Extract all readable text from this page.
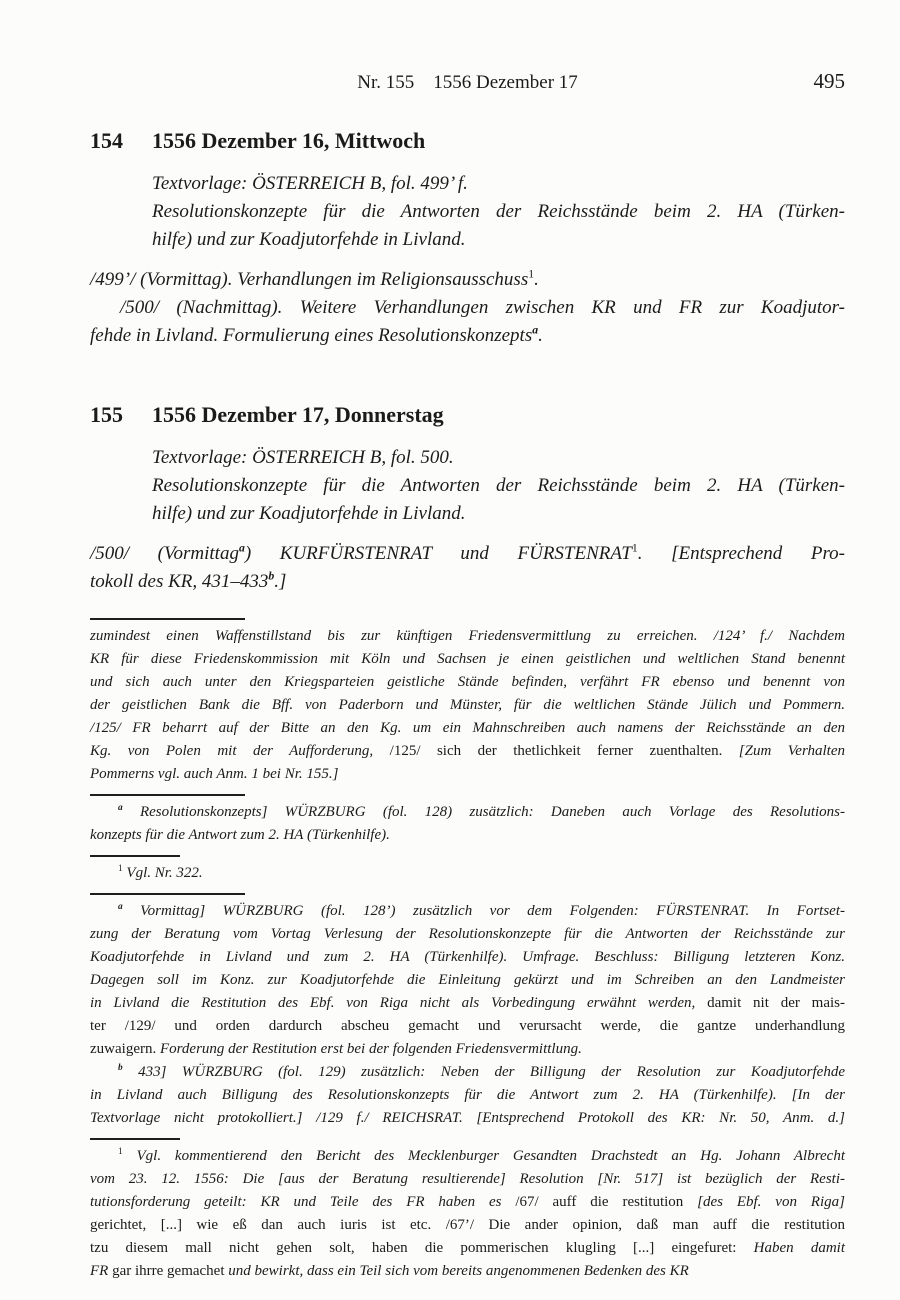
Nr. 155    1556 Dezember 17	495
154	1556 Dezember 16, Mittwoch
Textvorlage: ÖSTERREICH B, fol. 499’ f.
Resolutionskonzepte für die Antworten der Reichsstände beim 2. HA (Türken-
hilfe) und zur Koadjutorfehde in Livland.
/499’/ (Vormittag). Verhandlungen im Religionsausschuss$^1$.
/500/ (Nachmittag). Weitere Verhandlungen zwischen KR und FR zur Koadjutor-
fehde in Livland. Formulierung eines Resolutionskonzepts$^a$.
155	1556 Dezember 17, Donnerstag
Textvorlage: ÖSTERREICH B, fol. 500.
Resolutionskonzepte für die Antworten der Reichsstände beim 2. HA (Türken-
hilfe) und zur Koadjutorfehde in Livland.
/500/ (Vormittag$^a$) KURFÜRSTENRAT und FÜRSTENRAT$^1$. [Entsprechend Pro-
tokoll des KR, 431–433$^b$.]
zumindest einen Waffenstillstand bis zur künftigen Friedensvermittlung zu erreichen. /124’ f./ Nachdem
KR für diese Friedenskommission mit Köln und Sachsen je einen geistlichen und weltlichen Stand benennt
und sich auch unter den Kriegsparteien geistliche Stände befinden, verfährt FR ebenso und benennt von
der geistlichen Bank die Bff. von Paderborn und Münster, für die weltlichen Stände Jülich und Pommern.
/125/ FR beharrt auf der Bitte an den Kg. um ein Mahnschreiben auch namens der Reichsstände an den
Kg. von Polen mit der Aufforderung, /125/ sich der thetlichkeit ferner zuenthalten. [Zum Verhalten
Pommerns vgl. auch Anm. 1 bei Nr. 155.]
$^a$ Resolutionskonzepts] WÜRZBURG (fol. 128) zusätzlich: Daneben auch Vorlage des Resolutions-
konzepts für die Antwort zum 2. HA (Türkenhilfe).
$^1$ Vgl. Nr. 322.
$^a$ Vormittag] WÜRZBURG (fol. 128’) zusätzlich vor dem Folgenden: FÜRSTENRAT. In Fortset-
zung der Beratung vom Vortag Verlesung der Resolutionskonzepte für die Antworten der Reichsstände zur
Koadjutorfehde in Livland und zum 2. HA (Türkenhilfe). Umfrage. Beschluss: Billigung letzteren Konz.
Dagegen soll im Konz. zur Koadjutorfehde die Einleitung gekürzt und im Schreiben an den Landmeister
in Livland die Restitution des Ebf. von Riga nicht als Vorbedingung erwähnt werden, damit nit der mais-
ter /129/ und orden dardurch abscheu gemacht und verursacht werde, die gantze underhandlung
zuwaigern. Forderung der Restitution erst bei der folgenden Friedensvermittlung.
$^b$ 433] WÜRZBURG (fol. 129) zusätzlich: Neben der Billigung der Resolution zur Koadjutorfehde
in Livland auch Billigung des Resolutionskonzepts für die Antwort zum 2. HA (Türkenhilfe). [In der
Textvorlage nicht protokolliert.] /129 f./ REICHSRAT. [Entsprechend Protokoll des KR: Nr. 50, Anm. d.]
$^1$ Vgl. kommentierend den Bericht des Mecklenburger Gesandten Drachstedt an Hg. Johann Albrecht
vom 23. 12. 1556: Die [aus der Beratung resultierende] Resolution [Nr. 517] ist bezüglich der Resti-
tutionsforderung geteilt: KR und Teile des FR haben es /67/ auff die restitution [des Ebf. von Riga]
gerichtet, [...] wie eß dan auch iuris ist etc. /67’/ Die ander opinion, daß man auff die restitution
tzu diesem mall nicht gehen solt, haben die pommerischen klugling [...] eingefuret: Haben damit
FR gar ihrre gemachet und bewirkt, dass ein Teil sich vom bereits angenommenen Bedenken des KR
